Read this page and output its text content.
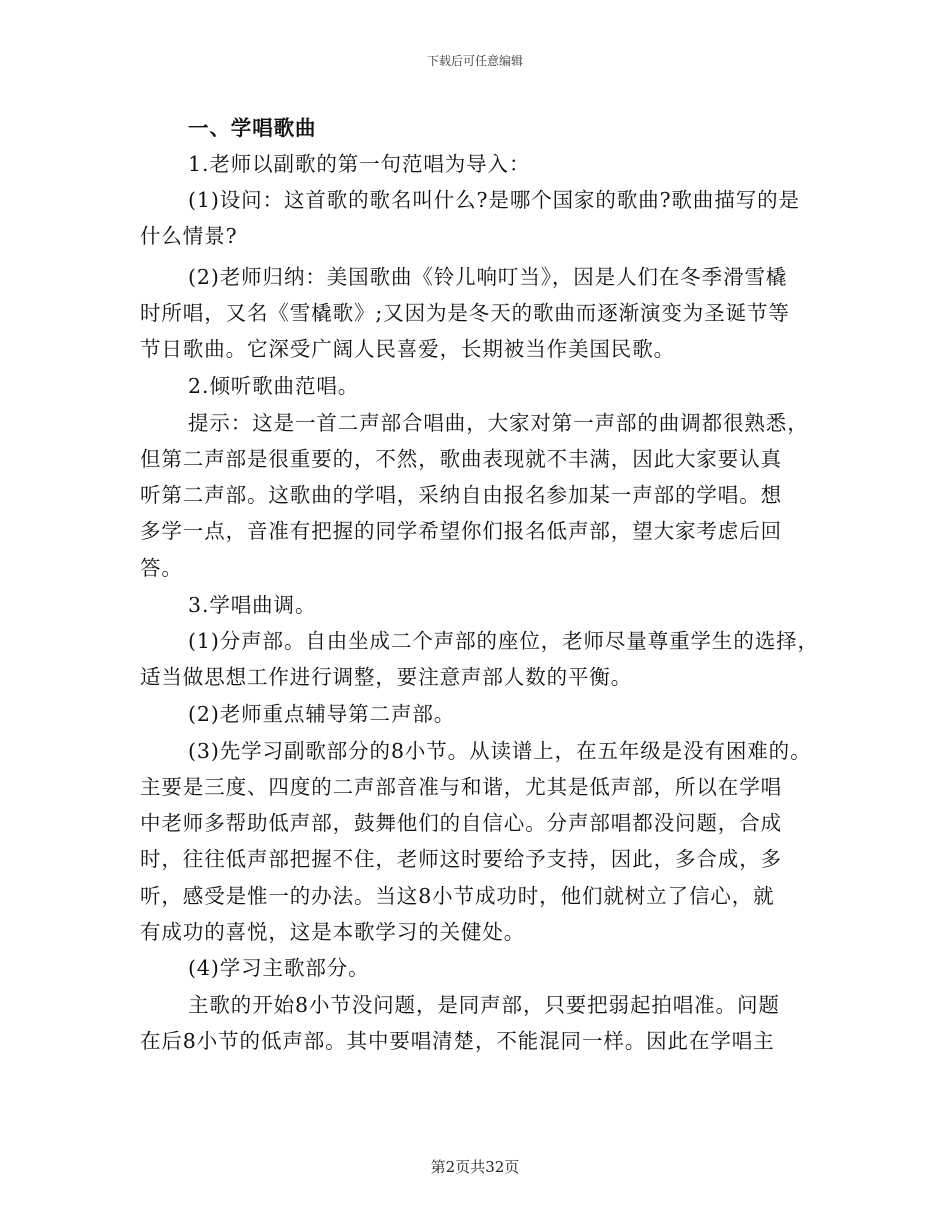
下载后可任意编辑
一、学唱歌曲
1.老师以副歌的第一句范唱为导入：
(1)设问：这首歌的歌名叫什么?是哪个国家的歌曲?歌曲描写的是
什么情景?
(2)老师归纳：美国歌曲《铃儿响叮当》，因是人们在冬季滑雪橇
时所唱，又名《雪橇歌》;又因为是冬天的歌曲而逐渐演变为圣诞节等
节日歌曲。它深受广阔人民喜爱，长期被当作美国民歌。
2.倾听歌曲范唱。
提示：这是一首二声部合唱曲，大家对第一声部的曲调都很熟悉，
但第二声部是很重要的，不然，歌曲表现就不丰满，因此大家要认真
听第二声部。这歌曲的学唱，采纳自由报名参加某一声部的学唱。想
多学一点，音准有把握的同学希望你们报名低声部，望大家考虑后回
答。
3.学唱曲调。
(1)分声部。自由坐成二个声部的座位，老师尽量尊重学生的选择，
适当做思想工作进行调整，要注意声部人数的平衡。
(2)老师重点辅导第二声部。
(3)先学习副歌部分的8小节。从读谱上，在五年级是没有困难的。
主要是三度、四度的二声部音准与和谐，尤其是低声部，所以在学唱
中老师多帮助低声部，鼓舞他们的自信心。分声部唱都没问题，合成
时，往往低声部把握不住，老师这时要给予支持，因此，多合成，多
听，感受是惟一的办法。当这8小节成功时，他们就树立了信心，就
有成功的喜悦，这是本歌学习的关健处。
(4)学习主歌部分。
主歌的开始8小节没问题，是同声部，只要把弱起拍唱准。问题
在后8小节的低声部。其中要唱清楚，不能混同一样。因此在学唱主
第2页共32页
